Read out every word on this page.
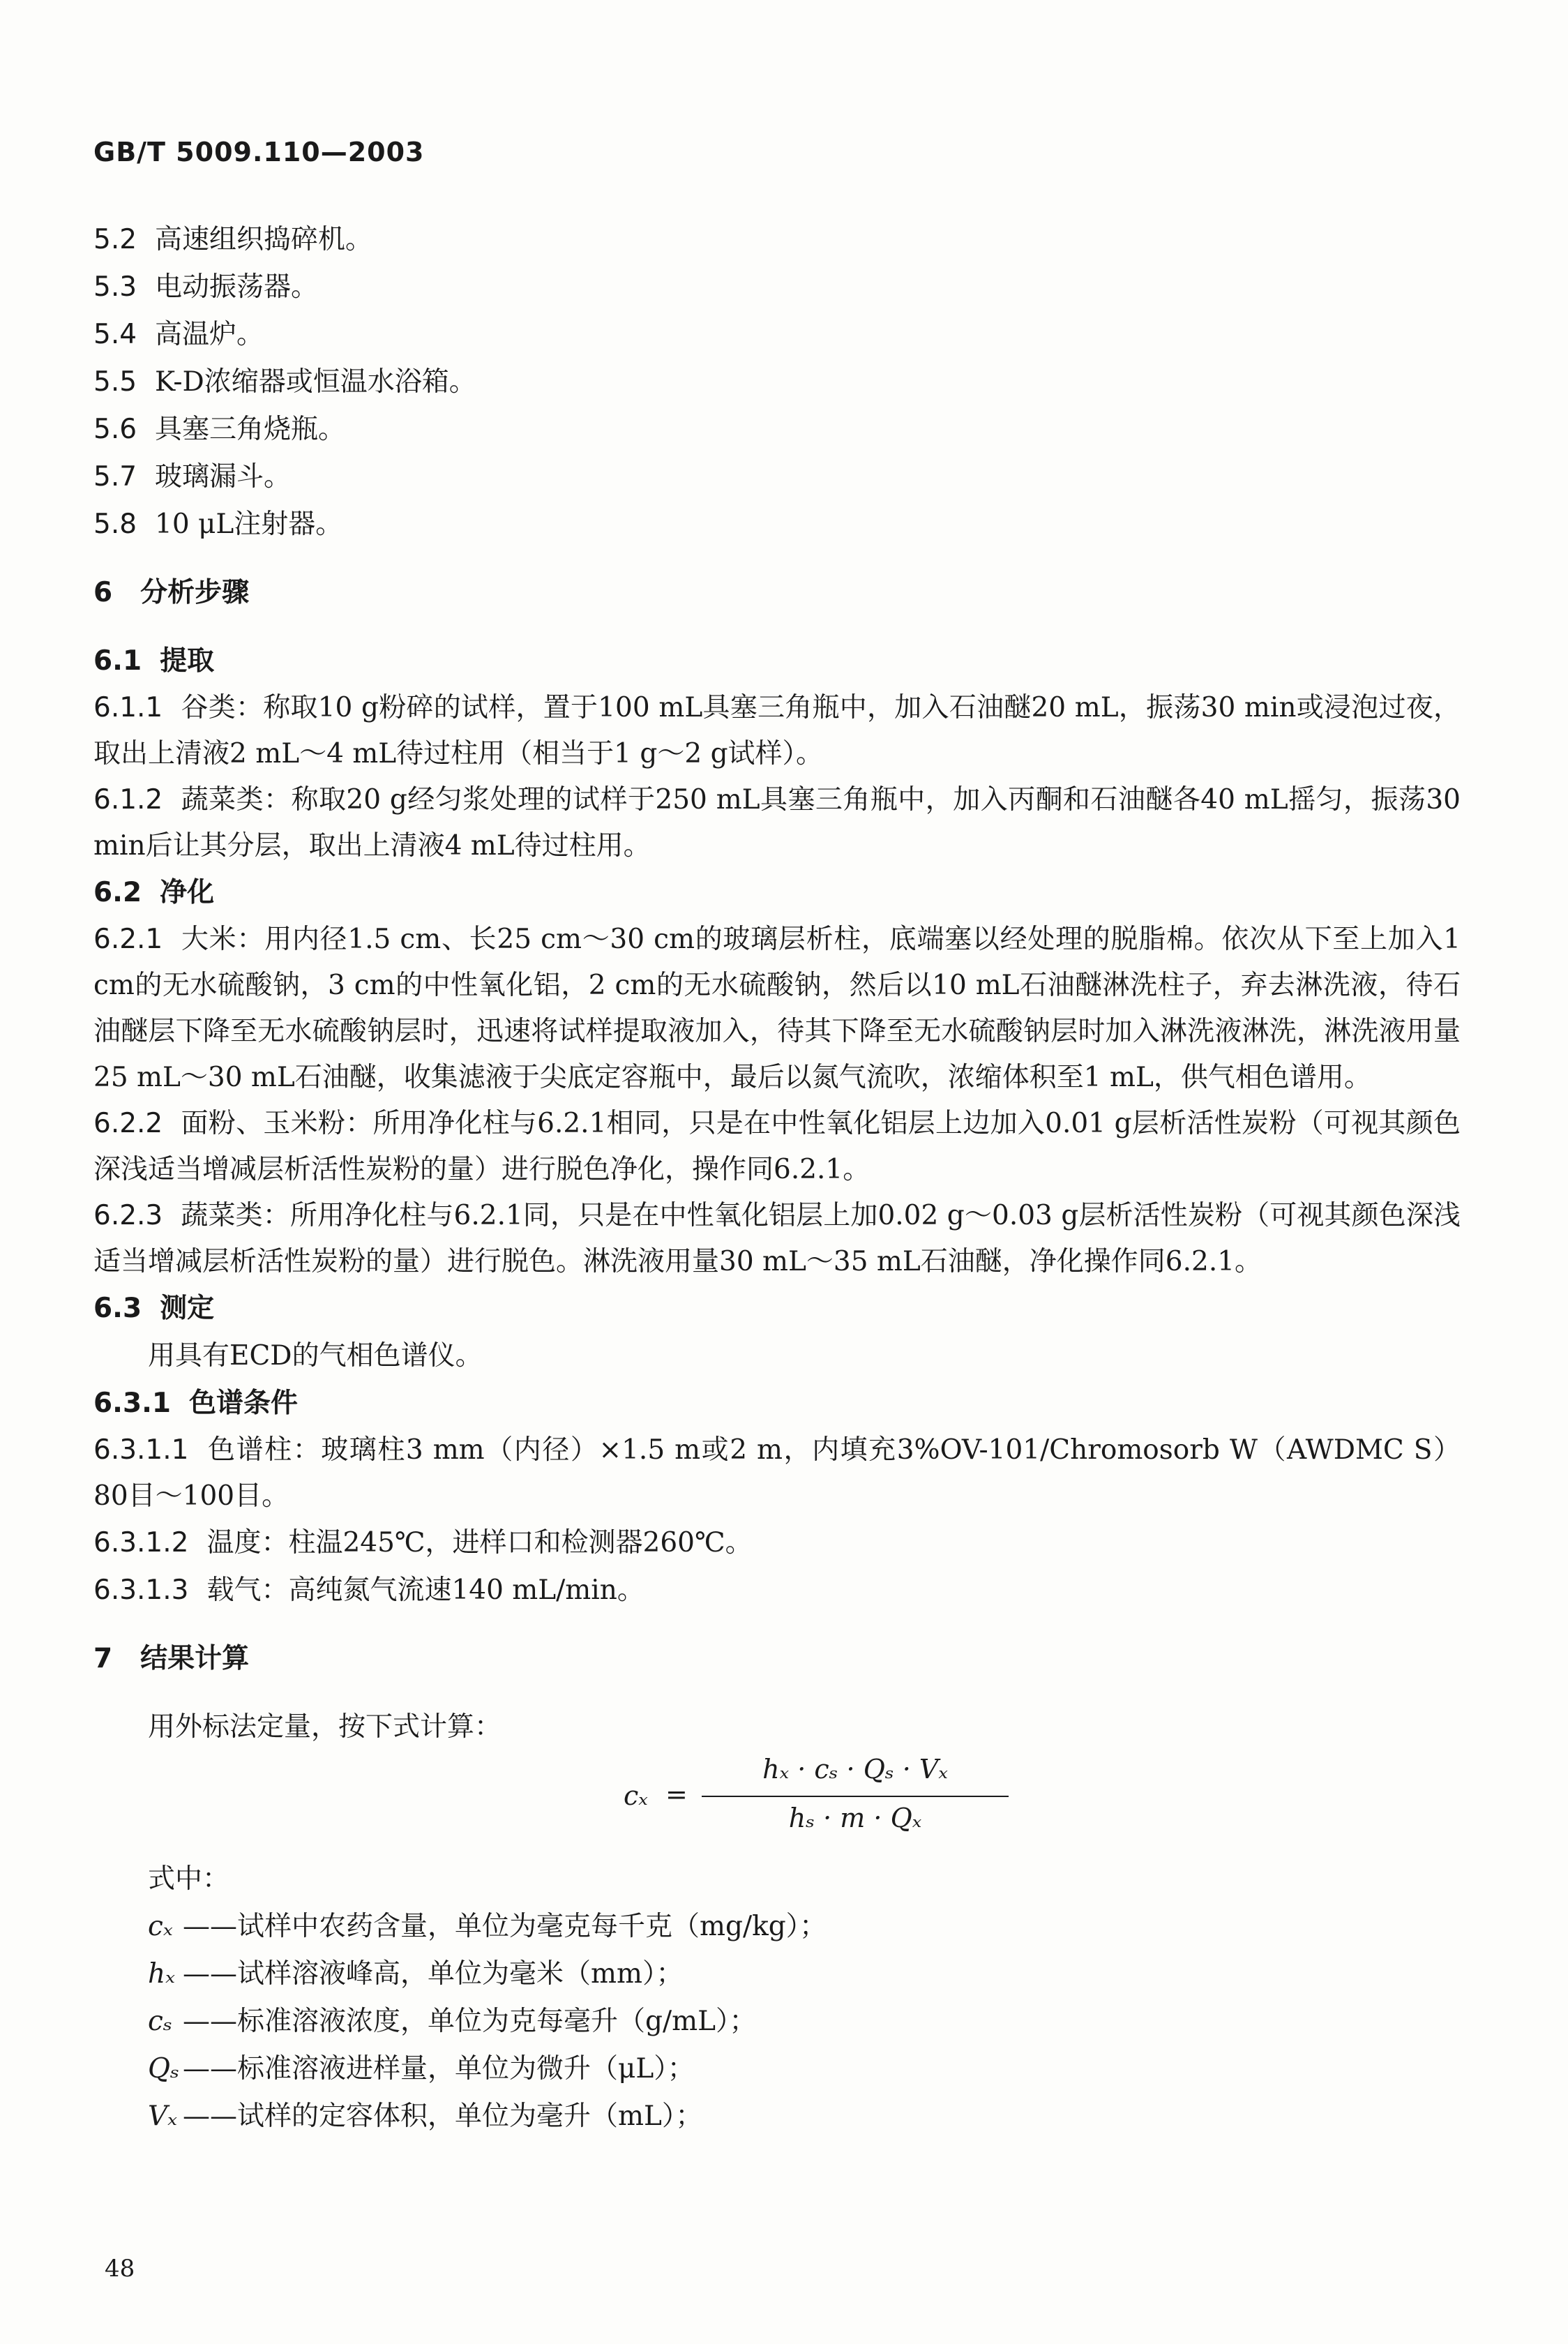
GB/T 5009.110—2003
5.2 高速组织捣碎机。
5.3 电动振荡器。
5.4 高温炉。
5.5 K-D浓缩器或恒温水浴箱。
5.6 具塞三角烧瓶。
5.7 玻璃漏斗。
5.8 10 μL注射器。
6 分析步骤
6.1 提取
6.1.1 谷类：称取10 g粉碎的试样，置于100 mL具塞三角瓶中，加入石油醚20 mL，振荡30 min或浸泡过夜，取出上清液2 mL～4 mL待过柱用（相当于1 g～2 g试样）。
6.1.2 蔬菜类：称取20 g经匀浆处理的试样于250 mL具塞三角瓶中，加入丙酮和石油醚各40 mL摇匀，振荡30 min后让其分层，取出上清液4 mL待过柱用。
6.2 净化
6.2.1 大米：用内径1.5 cm、长25 cm～30 cm的玻璃层析柱，底端塞以经处理的脱脂棉。依次从下至上加入1 cm的无水硫酸钠，3 cm的中性氧化铝，2 cm的无水硫酸钠，然后以10 mL石油醚淋洗柱子，弃去淋洗液，待石油醚层下降至无水硫酸钠层时，迅速将试样提取液加入，待其下降至无水硫酸钠层时加入淋洗液淋洗，淋洗液用量25 mL～30 mL石油醚，收集滤液于尖底定容瓶中，最后以氮气流吹，浓缩体积至1 mL，供气相色谱用。
6.2.2 面粉、玉米粉：所用净化柱与6.2.1相同，只是在中性氧化铝层上边加入0.01 g层析活性炭粉（可视其颜色深浅适当增减层析活性炭粉的量）进行脱色净化，操作同6.2.1。
6.2.3 蔬菜类：所用净化柱与6.2.1同，只是在中性氧化铝层上加0.02 g～0.03 g层析活性炭粉（可视其颜色深浅适当增减层析活性炭粉的量）进行脱色。淋洗液用量30 mL～35 mL石油醚，净化操作同6.2.1。
6.3 测定
用具有ECD的气相色谱仪。
6.3.1 色谱条件
6.3.1.1 色谱柱：玻璃柱3 mm（内径）×1.5 m或2 m，内填充3%OV-101/Chromosorb W（AWDMC S）80目～100目。
6.3.1.2 温度：柱温245℃，进样口和检测器260℃。
6.3.1.3 载气：高纯氮气流速140 mL/min。
7 结果计算
用外标法定量，按下式计算：
cₓ =
hₓ · cₛ · Qₛ · Vₓ
hₛ · m · Qₓ
式中：
cₓ ——试样中农药含量，单位为毫克每千克（mg/kg）；
hₓ ——试样溶液峰高，单位为毫米（mm）；
cₛ ——标准溶液浓度，单位为克每毫升（g/mL）；
Qₛ ——标准溶液进样量，单位为微升（μL）；
Vₓ ——试样的定容体积，单位为毫升（mL）；
48
